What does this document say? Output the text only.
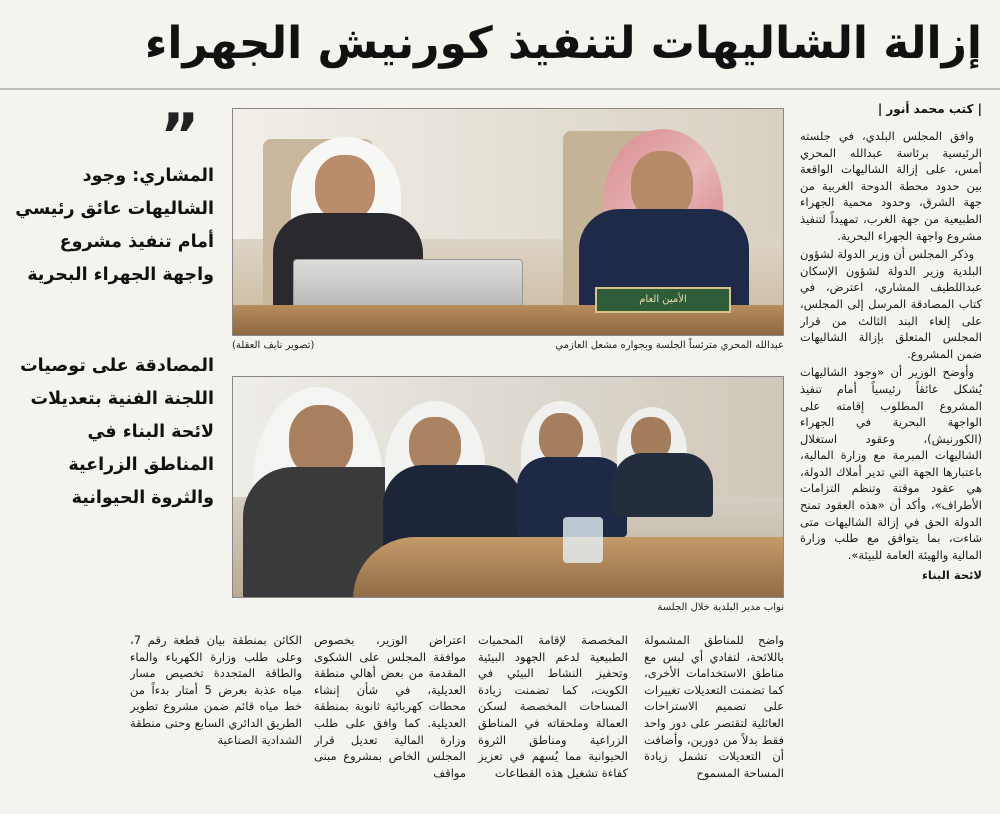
إزالة الشاليهات لتنفيذ كورنيش الجهراء
| كتب محمد أنور |

وافق المجلس البلدي، في جلسته الرئيسية برئاسة عبدالله المحري أمس، على إزالة الشاليهات الواقعة بين حدود محطة الدوحة الغربية من جهة الشرق، وحدود محمية الجهراء الطبيعية من جهة الغرب، تمهيداً لتنفيذ مشروع واجهة الجهراء البحرية.

وذكر المجلس أن وزير الدولة لشؤون البلدية وزير الدولة لشؤون الإسكان عبداللطيف المشاري، اعترض، في كتاب المصادقة المرسل إلى المجلس، على إلغاء البند الثالث من قرار المجلس المتعلق بإزالة الشاليهات ضمن المشروع.

وأوضح الوزير أن «وجود الشاليهات يُشكل عائقاً رئيسياً أمام تنفيذ المشروع المطلوب إقامته على الواجهة البحرية في الجهراء (الكورنيش)، وعقود استغلال الشاليهات المبرمة مع وزارة المالية، باعتبارها الجهة التي تدير أملاك الدولة، هي عقود موقتة وتنظم التزامات الأطراف»، وأكد أن «هذه العقود تمنح الدولة الحق في إزالة الشاليهات متى شاءت، بما يتوافق مع طلب وزارة المالية والهيئة العامة للبيئة».

لائحة البناء
الأمين العام
عبدالله المحري مترئساً الجلسة وبجواره مشعل العازمي
(تصوير نايف العقلة)
نواب مدير البلدية خلال الجلسة
”
المشاري: وجود الشاليهات عائق رئيسي أمام تنفيذ مشروع واجهة الجهراء البحرية
المصادقة على توصيات اللجنة الفنية بتعديلات لائحة البناء في المناطق الزراعية والثروة الحيوانية
واضح للمناطق المشمولة باللائحة، لتفادي أي لبس مع مناطق الاستخدامات الأخرى، كما تضمنت التعديلات تغييرات على تصميم الاستراحات العائلية لتقتصر على دور واحد فقط بدلاً من دورين، وأضافت أن التعديلات تشمل زيادة المساحة المسموح
المخصصة لإقامة المحميات الطبيعية لدعم الجهود البيئية وتحفيز النشاط البيئي في الكويت، كما تضمنت زيادة المساحات المخصصة لسكن العمالة وملحقاته في المناطق الزراعية ومناطق الثروة الحيوانية مما يُسهم في تعزيز كفاءة تشغيل هذه القطاعات
اعتراض الوزير، بخصوص موافقة المجلس على الشكوى المقدمة من بعض أهالي منطقة العديلية، في شأن إنشاء محطات كهربائية ثانوية بمنطقة العديلية. كما وافق على طلب وزارة المالية تعديل قرار المجلس الخاص بمشروع مبنى مواقف
الكائن بمنطقة بيان قطعة رقم 7، وعلى طلب وزارة الكهرباء والماء والطاقة المتجددة تخصيص مسار مياه عذبة بعرض 5 أمتار بدءاً من خط مياه قائم ضمن مشروع تطوير الطريق الدائري السابع وحتى منطقة الشدادية الصناعية
